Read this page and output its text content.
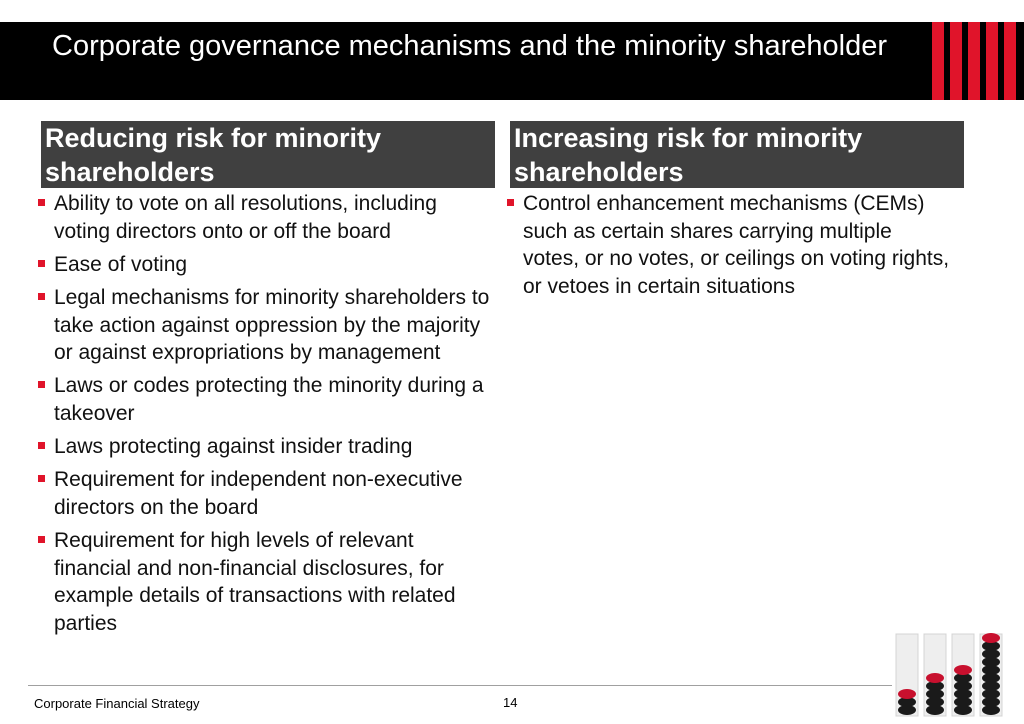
Corporate governance mechanisms and the minority shareholder
Reducing risk for minority shareholders
Increasing risk for minority shareholders
Ability to vote on all resolutions, including voting directors onto or off the board
Ease of voting
Legal mechanisms for minority shareholders to take action against oppression by the majority or against expropriations by management
Laws or codes protecting the minority during a takeover
Laws protecting against insider trading
Requirement for independent non-executive directors on the board
Requirement for high levels of relevant financial and non-financial disclosures, for example details of transactions with related parties
Control enhancement mechanisms (CEMs) such as certain shares carrying multiple votes, or no votes, or ceilings on voting rights, or vetoes in certain situations
Corporate Financial Strategy	14
